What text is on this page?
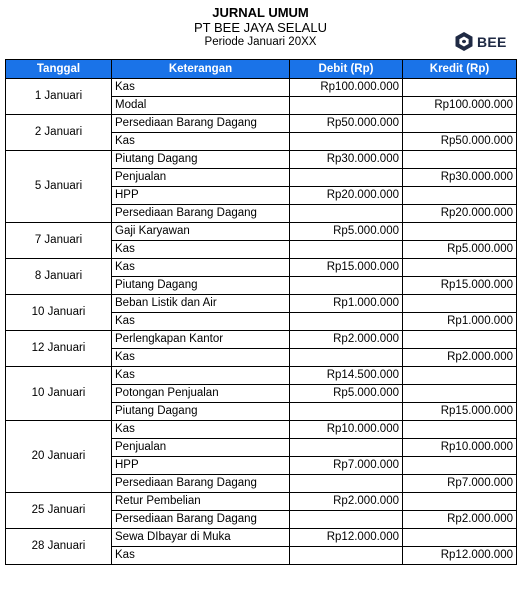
JURNAL UMUM
PT BEE JAYA SELALU
Periode Januari 20XX	BEE
Tanggal	Keterangan	Debit (Rp)	Kredit (Rp)
1 Januari	Kas	Rp100.000.000	
	Modal		Rp100.000.000
2 Januari	Persediaan Barang Dagang	Rp50.000.000	
	Kas		Rp50.000.000
5 Januari	Piutang Dagang	Rp30.000.000	
	Penjualan		Rp30.000.000
	HPP	Rp20.000.000	
	Persediaan Barang Dagang		Rp20.000.000
7 Januari	Gaji Karyawan	Rp5.000.000	
	Kas		Rp5.000.000
8 Januari	Kas	Rp15.000.000	
	Piutang Dagang		Rp15.000.000
10 Januari	Beban Listik dan Air	Rp1.000.000	
	Kas		Rp1.000.000
12 Januari	Perlengkapan Kantor	Rp2.000.000	
	Kas		Rp2.000.000
10 Januari	Kas	Rp14.500.000	
	Potongan Penjualan	Rp5.000.000	
	Piutang Dagang		Rp15.000.000
20 Januari	Kas	Rp10.000.000	
	Penjualan		Rp10.000.000
	HPP	Rp7.000.000	
	Persediaan Barang Dagang		Rp7.000.000
25 Januari	Retur Pembelian	Rp2.000.000	
	Persediaan Barang Dagang		Rp2.000.000
28 Januari	Sewa DIbayar di Muka	Rp12.000.000	
	Kas		Rp12.000.000
